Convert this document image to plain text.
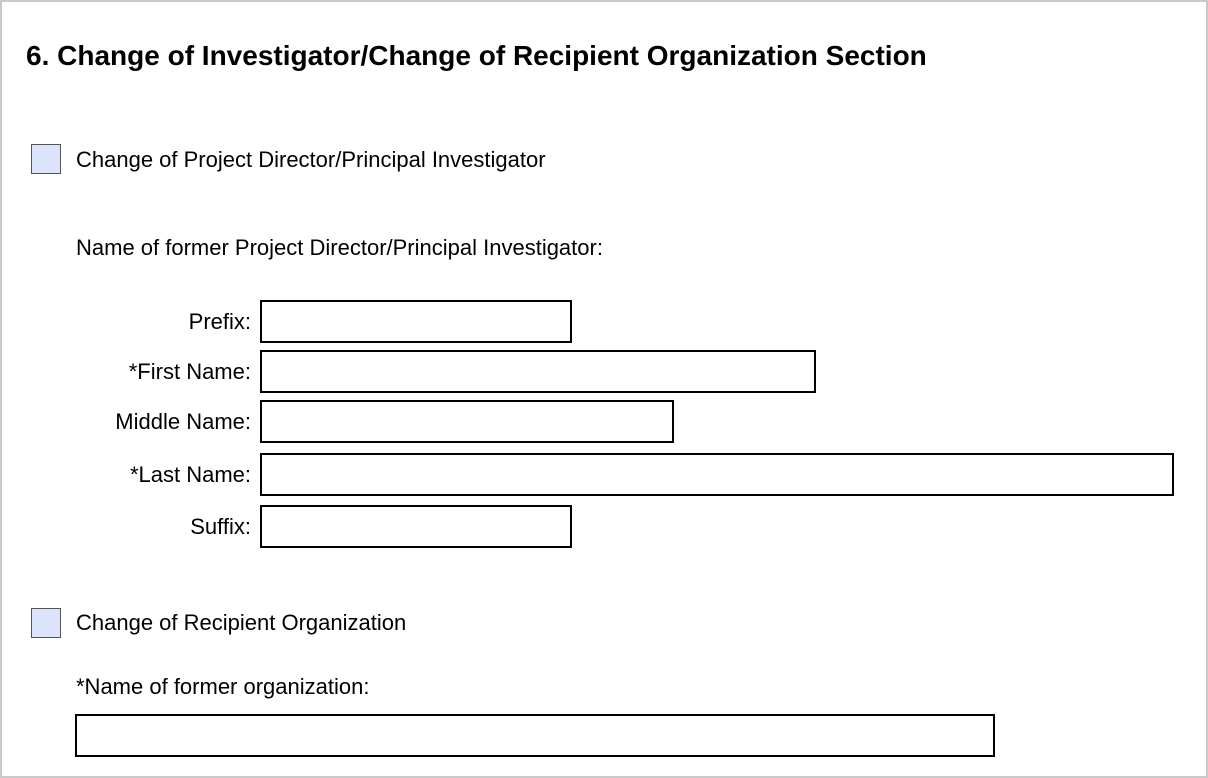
6. Change of Investigator/Change of Recipient Organization Section
Change of Project Director/Principal Investigator
Name of former Project Director/Principal Investigator:
Prefix:
*First Name:
Middle Name:
*Last Name:
Suffix:
Change of Recipient Organization
*Name of former organization:
